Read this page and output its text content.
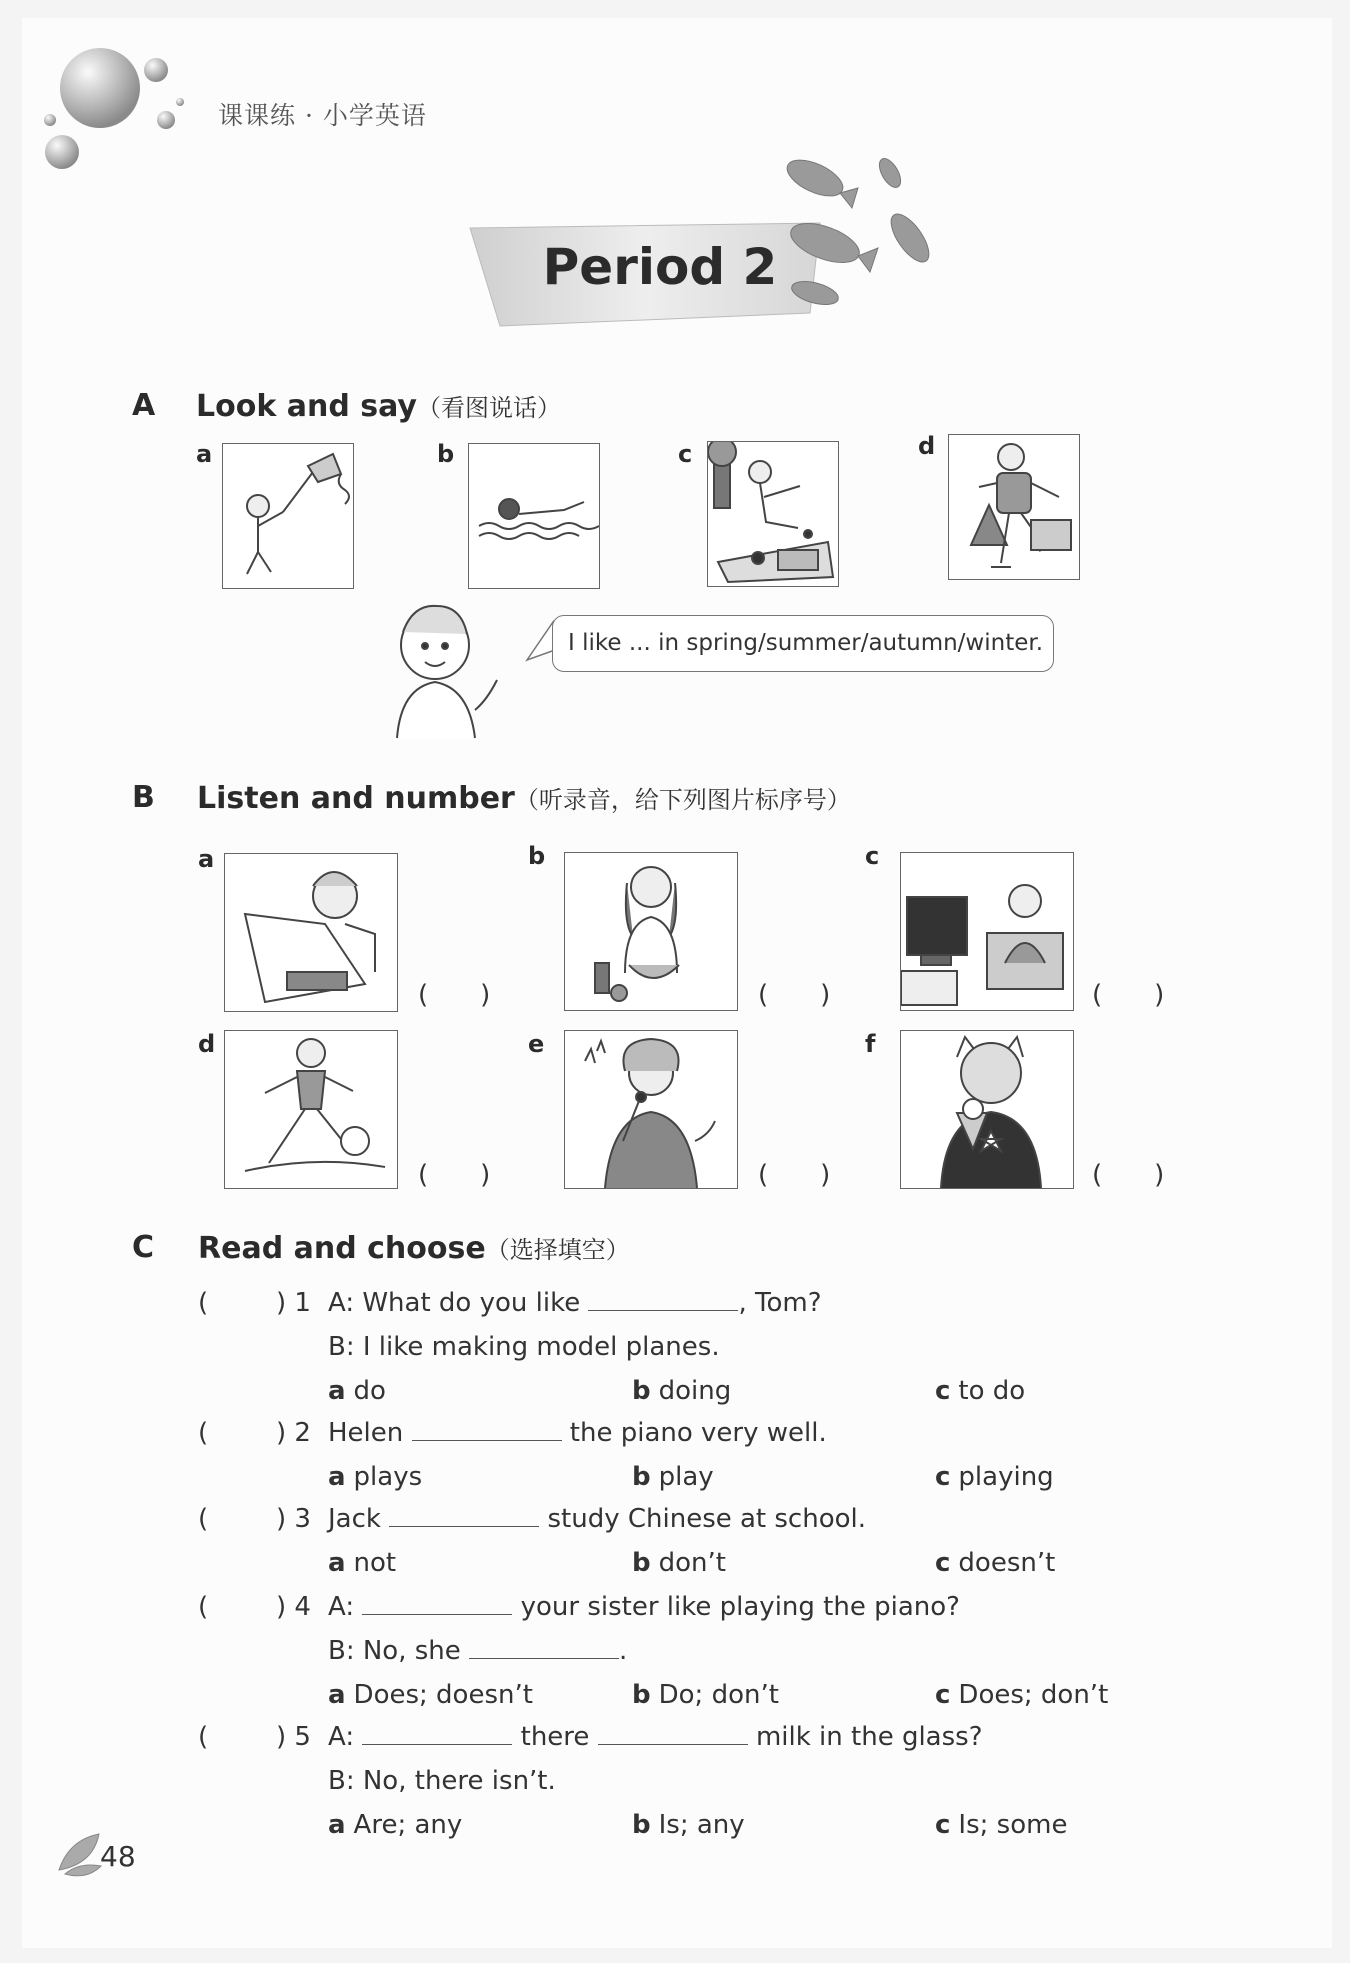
课课练 · 小学英语
Period 2
A Look and say（看图说话）
a	b	c	d
I like ... in spring/summer/autumn/winter.
B Listen and number（听录音，给下列图片标序号）
a
(  )
b
(  )
c
(  )
d
(  )
e
(  )
f
(  )
C Read and choose（选择填空）
(	) 1 A: What do you like	, Tom?
B: I like making model planes.
a do	b doing	c to do
(	) 2 Helen	the piano very well.
a plays	b play	c playing
(	) 3 Jack	study Chinese at school.
a not	b don’t	c doesn’t
(	) 4 A:	your sister like playing the piano?
B: No, she	.
a Does; doesn’t	b Do; don’t	c Does; don’t
(	) 5 A:	there	milk in the glass?
B: No, there isn’t.
a Are; any	b Is; any	c Is; some
48
